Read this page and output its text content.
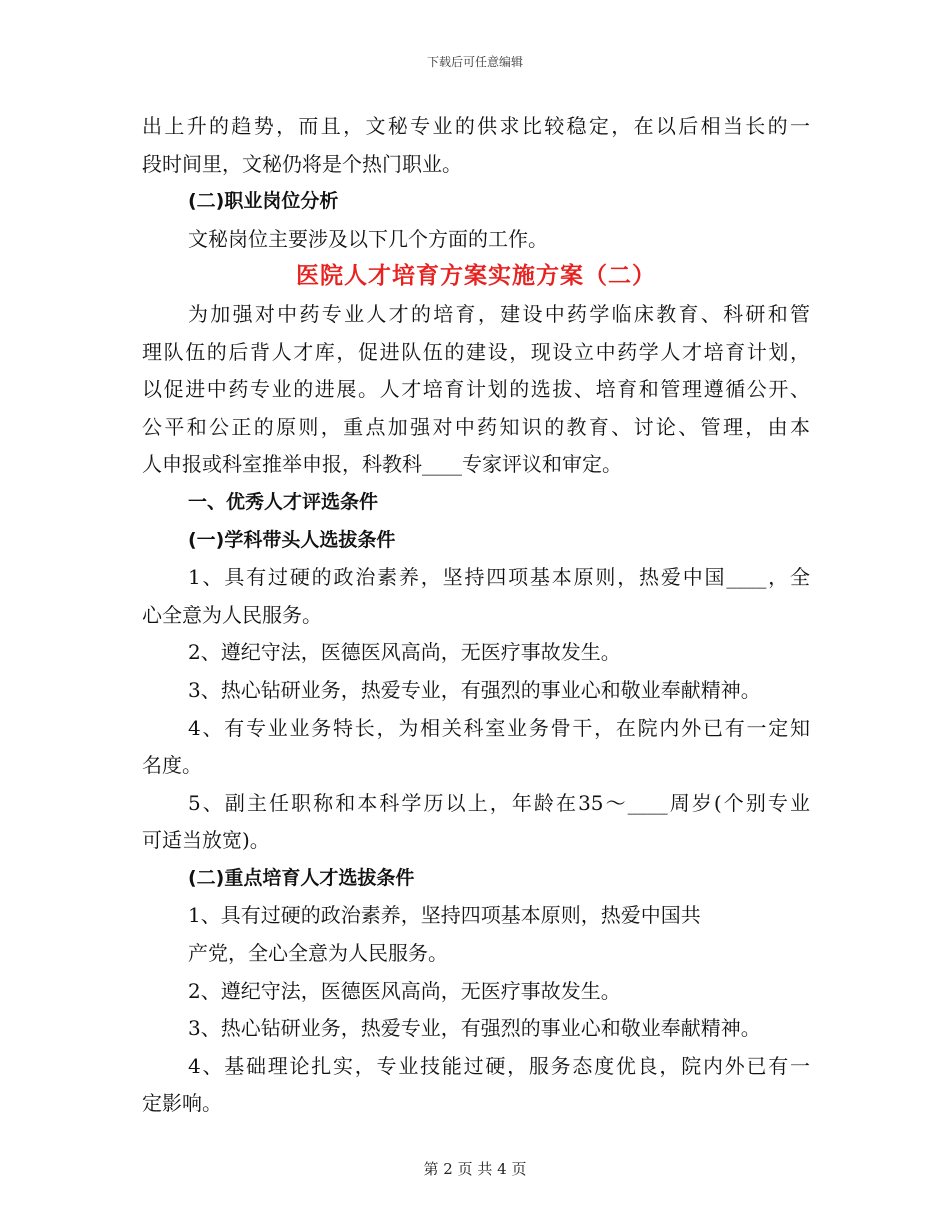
下载后可任意编辑
出上升的趋势，而且，文秘专业的供求比较稳定，在以后相当长的一
段时间里，文秘仍将是个热门职业。
(二)职业岗位分析
文秘岗位主要涉及以下几个方面的工作。
医院人才培育方案实施方案（二）
为加强对中药专业人才的培育，建设中药学临床教育、科研和管
理队伍的后背人才库，促进队伍的建设，现设立中药学人才培育计划，
以促进中药专业的进展。人才培育计划的选拔、培育和管理遵循公开、
公平和公正的原则，重点加强对中药知识的教育、讨论、管理，由本
人申报或科室推举申报，科教科____专家评议和审定。
一、优秀人才评选条件
(一)学科带头人选拔条件
1、具有过硬的政治素养，坚持四项基本原则，热爱中国____，全
心全意为人民服务。
2、遵纪守法，医德医风高尚，无医疗事故发生。
3、热心钻研业务，热爱专业，有强烈的事业心和敬业奉献精神。
4、有专业业务特长，为相关科室业务骨干，在院内外已有一定知
名度。
5、副主任职称和本科学历以上，年龄在35～____周岁(个别专业
可适当放宽)。
(二)重点培育人才选拔条件
1、具有过硬的政治素养，坚持四项基本原则，热爱中国共
产党，全心全意为人民服务。
2、遵纪守法，医德医风高尚，无医疗事故发生。
3、热心钻研业务，热爱专业，有强烈的事业心和敬业奉献精神。
4、基础理论扎实，专业技能过硬，服务态度优良，院内外已有一
定影响。
第 2 页 共 4 页
